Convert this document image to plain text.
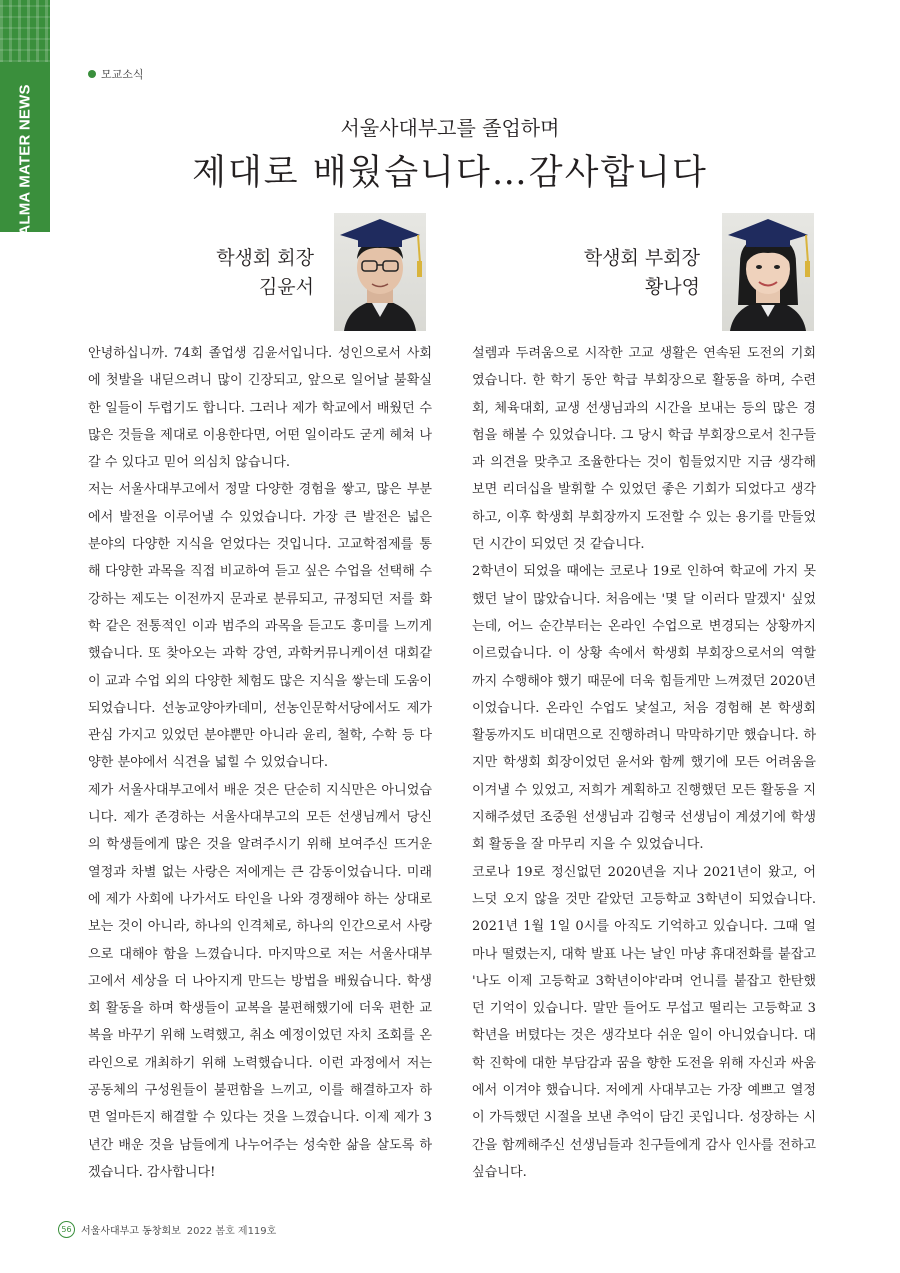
ALMA MATER NEWS
모교소식
서울사대부고를 졸업하며
제대로 배웠습니다…감사합니다
학생회 회장
김윤서
학생회 부회장
황나영

안녕하십니까. 74회 졸업생 김윤서입니다. 성인으로서 사회에 첫발을 내딛으려니 많이 긴장되고, 앞으로 일어날 불확실한 일들이 두렵기도 합니다. 그러나 제가 학교에서 배웠던 수많은 것들을 제대로 이용한다면, 어떤 일이라도 굳게 헤쳐 나갈 수 있다고 믿어 의심치 않습니다.

저는 서울사대부고에서 정말 다양한 경험을 쌓고, 많은 부분에서 발전을 이루어낼 수 있었습니다. 가장 큰 발전은 넓은 분야의 다양한 지식을 얻었다는 것입니다. 고교학점제를 통해 다양한 과목을 직접 비교하여 듣고 싶은 수업을 선택해 수강하는 제도는 이전까지 문과로 분류되고, 규정되던 저를 화학 같은 전통적인 이과 범주의 과목을 듣고도 흥미를 느끼게 했습니다. 또 찾아오는 과학 강연, 과학커뮤니케이션 대회같이 교과 수업 외의 다양한 체험도 많은 지식을 쌓는데 도움이 되었습니다. 선농교양아카데미, 선농인문학서당에서도 제가 관심 가지고 있었던 분야뿐만 아니라 윤리, 철학, 수학 등 다양한 분야에서 식견을 넓힐 수 있었습니다.

제가 서울사대부고에서 배운 것은 단순히 지식만은 아니었습니다. 제가 존경하는 서울사대부고의 모든 선생님께서 당신의 학생들에게 많은 것을 알려주시기 위해 보여주신 뜨거운 열정과 차별 없는 사랑은 저에게는 큰 감동이었습니다. 미래에 제가 사회에 나가서도 타인을 나와 경쟁해야 하는 상대로 보는 것이 아니라, 하나의 인격체로, 하나의 인간으로서 사랑으로 대해야 함을 느꼈습니다. 마지막으로 저는 서울사대부고에서 세상을 더 나아지게 만드는 방법을 배웠습니다. 학생회 활동을 하며 학생들이 교복을 불편해했기에 더욱 편한 교복을 바꾸기 위해 노력했고, 취소 예정이었던 자치 조회를 온라인으로 개최하기 위해 노력했습니다. 이런 과정에서 저는 공동체의 구성원들이 불편함을 느끼고, 이를 해결하고자 하면 얼마든지 해결할 수 있다는 것을 느꼈습니다. 이제 제가 3년간 배운 것을 남들에게 나누어주는 성숙한 삶을 살도록 하겠습니다. 감사합니다!

설렘과 두려움으로 시작한 고교 생활은 연속된 도전의 기회였습니다. 한 학기 동안 학급 부회장으로 활동을 하며, 수련회, 체육대회, 교생 선생님과의 시간을 보내는 등의 많은 경험을 해볼 수 있었습니다. 그 당시 학급 부회장으로서 친구들과 의견을 맞추고 조율한다는 것이 힘들었지만 지금 생각해보면 리더십을 발휘할 수 있었던 좋은 기회가 되었다고 생각하고, 이후 학생회 부회장까지 도전할 수 있는 용기를 만들었던 시간이 되었던 것 같습니다.

2학년이 되었을 때에는 코로나 19로 인하여 학교에 가지 못했던 날이 많았습니다. 처음에는 '몇 달 이러다 말겠지' 싶었는데, 어느 순간부터는 온라인 수업으로 변경되는 상황까지 이르렀습니다. 이 상황 속에서 학생회 부회장으로서의 역할까지 수행해야 했기 때문에 더욱 힘들게만 느껴졌던 2020년이었습니다. 온라인 수업도 낯설고, 처음 경험해 본 학생회 활동까지도 비대면으로 진행하려니 막막하기만 했습니다. 하지만 학생회 회장이었던 윤서와 함께 했기에 모든 어려움을 이겨낼 수 있었고, 저희가 계획하고 진행했던 모든 활동을 지지해주셨던 조중원 선생님과 김형국 선생님이 계셨기에 학생회 활동을 잘 마무리 지을 수 있었습니다.

코로나 19로 정신없던 2020년을 지나 2021년이 왔고, 어느덧 오지 않을 것만 같았던 고등학교 3학년이 되었습니다. 2021년 1월 1일 0시를 아직도 기억하고 있습니다. 그때 얼마나 떨렸는지, 대학 발표 나는 날인 마냥 휴대전화를 붙잡고 '나도 이제 고등학교 3학년이야'라며 언니를 붙잡고 한탄했던 기억이 있습니다. 말만 들어도 무섭고 떨리는 고등학교 3학년을 버텼다는 것은 생각보다 쉬운 일이 아니었습니다. 대학 진학에 대한 부담감과 꿈을 향한 도전을 위해 자신과 싸움에서 이겨야 했습니다. 저에게 사대부고는 가장 예쁘고 열정이 가득했던 시절을 보낸 추억이 담긴 곳입니다. 성장하는 시간을 함께해주신 선생님들과 친구들에게 감사 인사를 전하고 싶습니다.

56 서울사대부고 동창회보 2022 봄호 제119호
